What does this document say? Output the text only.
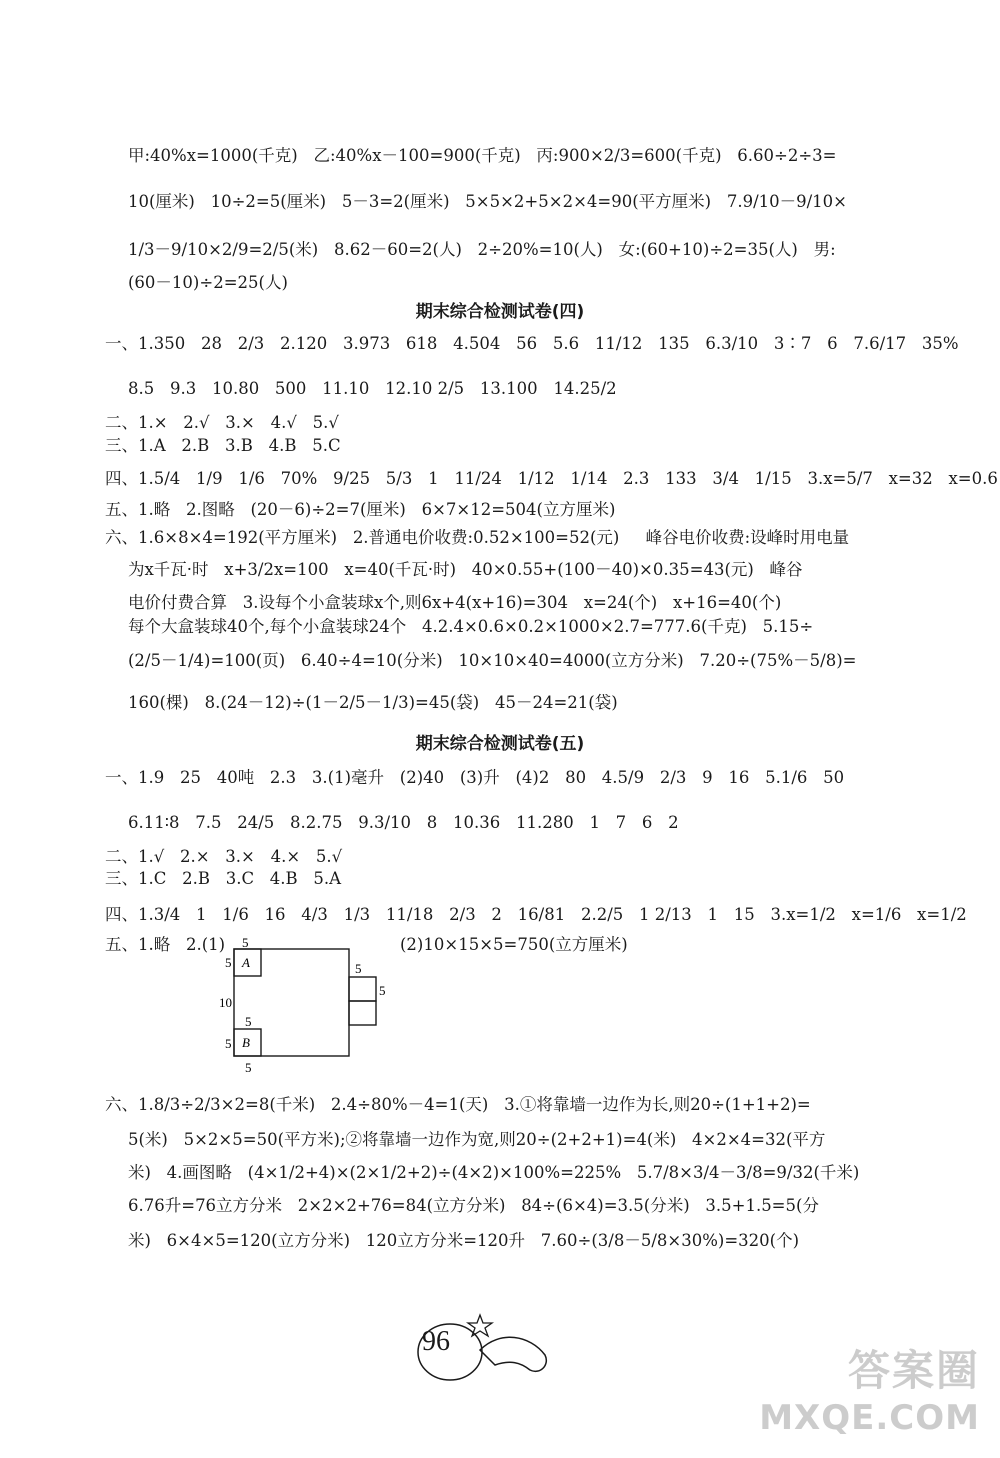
甲:40%x=1000(千克)   乙:40%x－100=900(千克)   丙:900×2/3=600(千克)   6.60÷2÷3=
10(厘米)   10÷2=5(厘米)   5－3=2(厘米)   5×5×2+5×2×4=90(平方厘米)   7.9/10－9/10×
1/3－9/10×2/9=2/5(米)   8.62－60=2(人)   2÷20%=10(人)   女:(60+10)÷2=35(人)   男:
(60－10)÷2=25(人)
期末综合检测试卷(四)
一、1.350   28   2/3   2.120   3.973   618   4.504   56   5.6   11/12   135   6.3/10   3∶7   6   7.6/17   35%
8.5   9.3   10.80   500   11.10   12.10 2/5   13.100   14.25/2
二、1.×   2.√   3.×   4.√   5.√
三、1.A   2.B   3.B   4.B   5.C
四、1.5/4   1/9   1/6   70%   9/25   5/3   1   11/24   1/12   1/14   2.3   133   3/4   1/15   3.x=5/7   x=32   x=0.6
五、1.略   2.图略   (20－6)÷2=7(厘米)   6×7×12=504(立方厘米)
六、1.6×8×4=192(平方厘米)   2.普通电价收费:0.52×100=52(元)     峰谷电价收费:设峰时用电量
为x千瓦·时   x+3/2x=100   x=40(千瓦·时)   40×0.55+(100－40)×0.35=43(元)   峰谷
电价付费合算   3.设每个小盒装球x个,则6x+4(x+16)=304   x=24(个)   x+16=40(个)
每个大盒装球40个,每个小盒装球24个   4.2.4×0.6×0.2×1000×2.7=777.6(千克)   5.15÷
(2/5－1/4)=100(页)   6.40÷4=10(分米)   10×10×40=4000(立方分米)   7.20÷(75%－5/8)=
160(棵)   8.(24－12)÷(1－2/5－1/3)=45(袋)   45－24=21(袋)
期末综合检测试卷(五)
一、1.9   25   40吨   2.3   3.(1)毫升   (2)40   (3)升   (4)2   80   4.5/9   2/3   9   16   5.1/6   50
6.11∶8   7.5   24/5   8.2.75   9.3/10   8   10.36   11.280   1   7   6   2
二、1.√   2.×   3.×   4.×   5.√
三、1.C   2.B   3.C   4.B   5.A
四、1.3/4   1   1/6   16   4/3   1/3   11/18   2/3   2   16/81   2.2/5   1 2/13   1   15   3.x=1/2   x=1/6   x=1/2
五、1.略   2.(1)	(2)10×15×5=750(立方厘米)
5
5
10
5
5
5
5
5
A
B
六、1.8/3÷2/3×2=8(千米)   2.4÷80%－4=1(天)   3.①将靠墙一边作为长,则20÷(1+1+2)=
5(米)   5×2×5=50(平方米);②将靠墙一边作为宽,则20÷(2+2+1)=4(米)   4×2×4=32(平方
米)   4.画图略   (4×1/2+4)×(2×1/2+2)÷(4×2)×100%=225%   5.7/8×3/4－3/8=9/32(千米)
6.76升=76立方分米   2×2×2+76=84(立方分米)   84÷(6×4)=3.5(分米)   3.5+1.5=5(分
米)   6×4×5=120(立方分米)   120立方分米=120升   7.60÷(3/8－5/8×30%)=320(个)
96
答案圈
MXQE.COM
